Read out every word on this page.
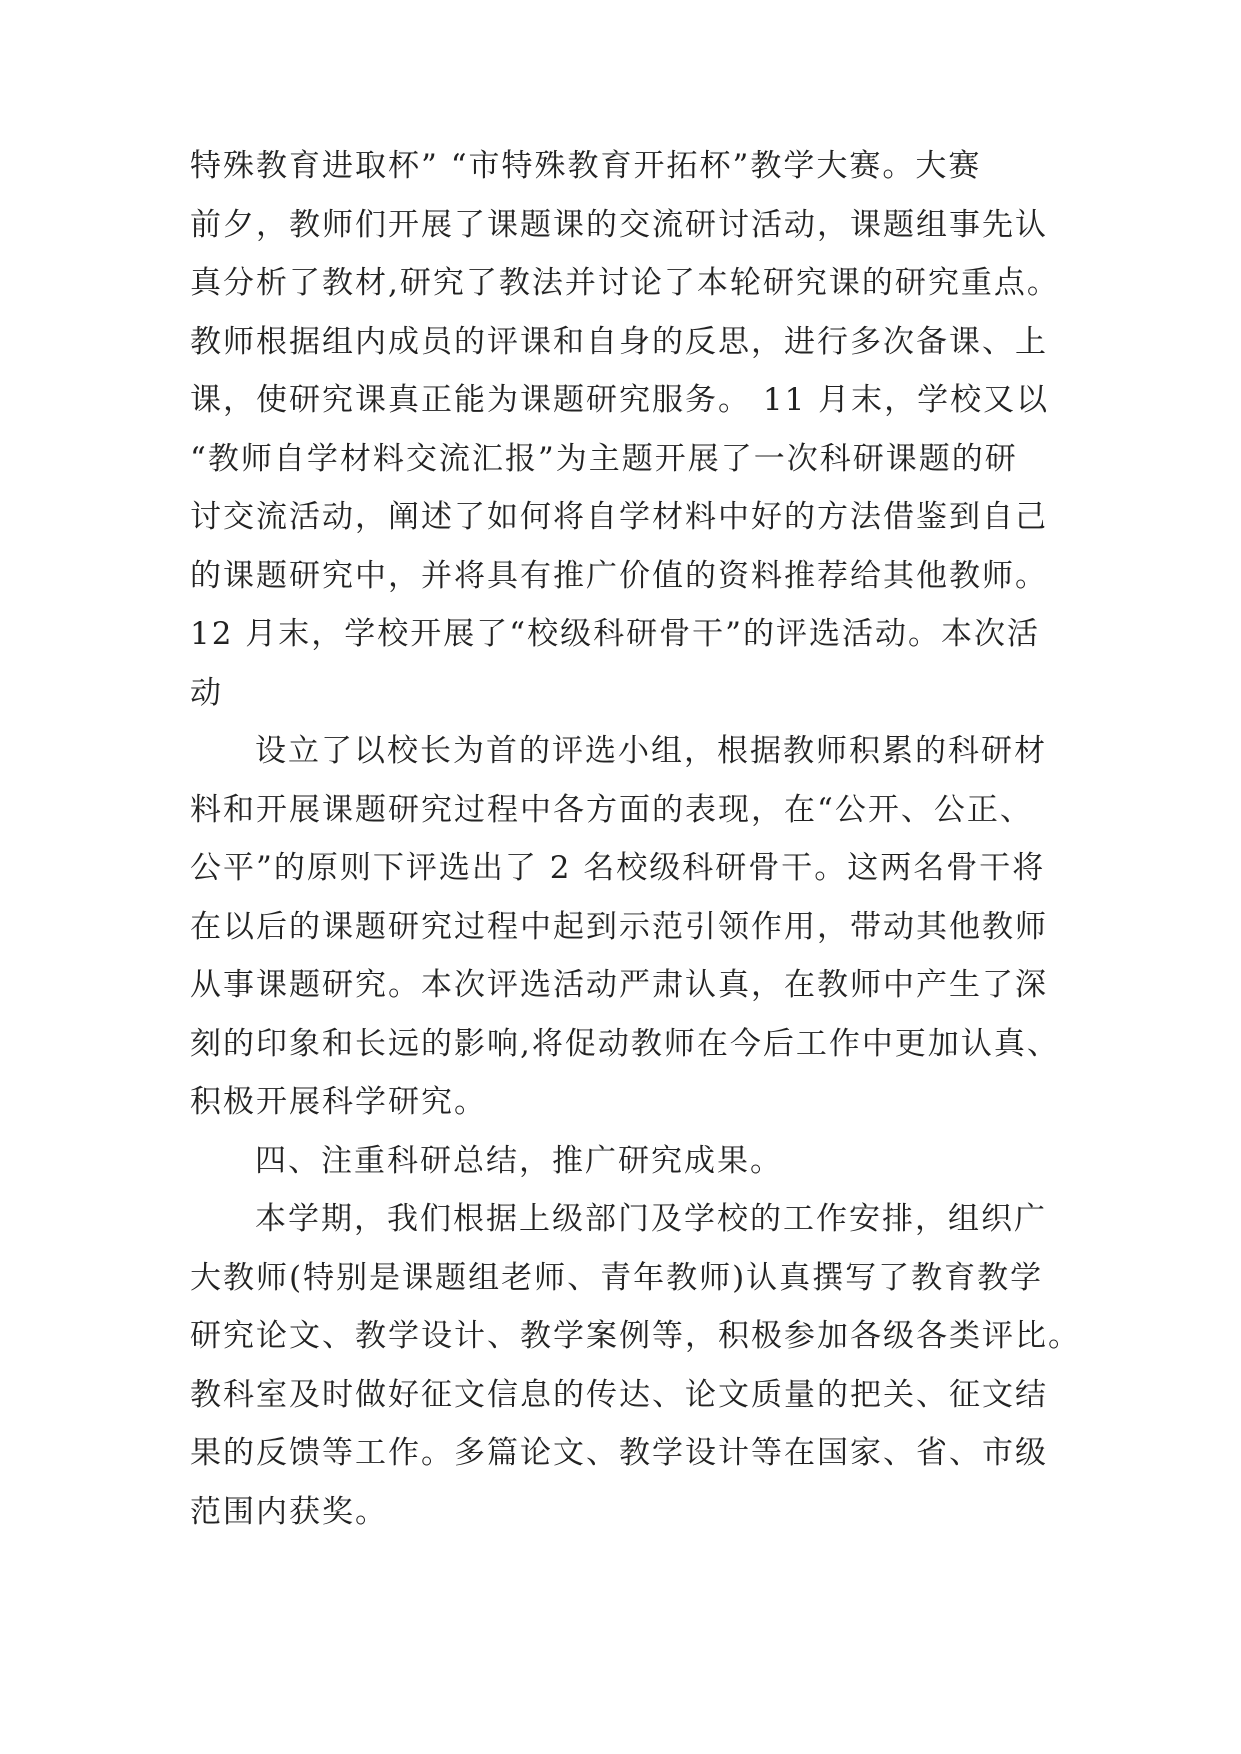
特殊教育进取杯” “市特殊教育开拓杯”教学大赛。大赛
前夕，教师们开展了课题课的交流研讨活动，课题组事先认
真分析了教材,研究了教法并讨论了本轮研究课的研究重点。
教师根据组内成员的评课和自身的反思，进行多次备课、上
课，使研究课真正能为课题研究服务。 11 月末，学校又以
“教师自学材料交流汇报”为主题开展了一次科研课题的研
讨交流活动，阐述了如何将自学材料中好的方法借鉴到自己
的课题研究中，并将具有推广价值的资料推荐给其他教师。
12 月末，学校开展了“校级科研骨干”的评选活动。本次活
动
设立了以校长为首的评选小组，根据教师积累的科研材
料和开展课题研究过程中各方面的表现，在“公开、公正、
公平”的原则下评选出了 2 名校级科研骨干。这两名骨干将
在以后的课题研究过程中起到示范引领作用，带动其他教师
从事课题研究。本次评选活动严肃认真，在教师中产生了深
刻的印象和长远的影响,将促动教师在今后工作中更加认真、
积极开展科学研究。
四、注重科研总结，推广研究成果。
本学期，我们根据上级部门及学校的工作安排，组织广
大教师(特别是课题组老师、青年教师)认真撰写了教育教学
研究论文、教学设计、教学案例等，积极参加各级各类评比。
教科室及时做好征文信息的传达、论文质量的把关、征文结
果的反馈等工作。多篇论文、教学设计等在国家、省、市级
范围内获奖。
